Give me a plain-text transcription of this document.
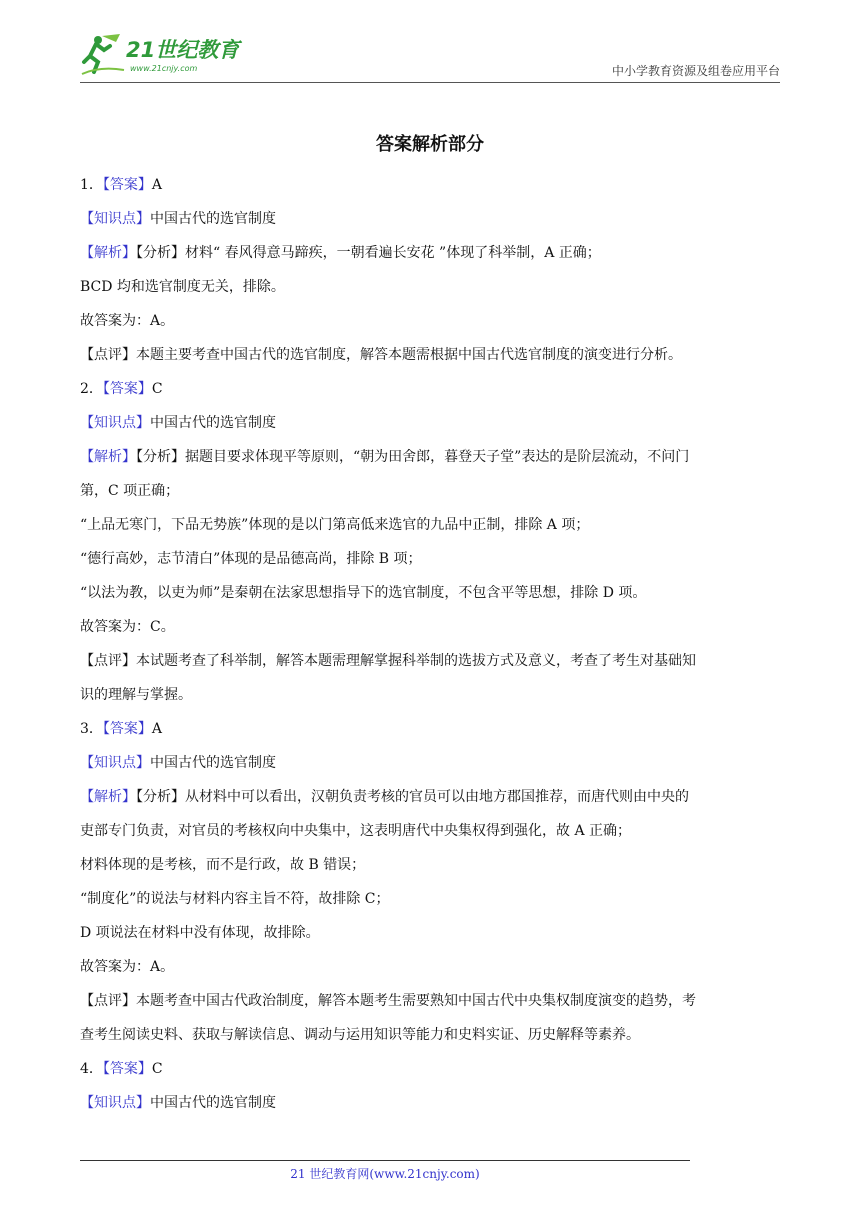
21世纪教育
www.21cnjy.com	中小学教育资源及组卷应用平台
答案解析部分
1．【答案】A
【知识点】中国古代的选官制度
【解析】【分析】材料“ 春风得意马蹄疾，一朝看遍长安花 ”体现了科举制，A 正确；
BCD 均和选官制度无关，排除。
故答案为：A。
【点评】本题主要考查中国古代的选官制度，解答本题需根据中国古代选官制度的演变进行分析。
2．【答案】C
【知识点】中国古代的选官制度
【解析】【分析】据题目要求体现平等原则，“朝为田舍郎，暮登天子堂”表达的是阶层流动，不问门
第，C 项正确；
“上品无寒门，下品无势族”体现的是以门第高低来选官的九品中正制，排除 A 项；
“德行高妙，志节清白”体现的是品德高尚，排除 B 项；
“以法为教，以吏为师”是秦朝在法家思想指导下的选官制度，不包含平等思想，排除 D 项。
故答案为：C。
【点评】本试题考查了科举制，解答本题需理解掌握科举制的选拔方式及意义，考查了考生对基础知
识的理解与掌握。
3．【答案】A
【知识点】中国古代的选官制度
【解析】【分析】从材料中可以看出，汉朝负责考核的官员可以由地方郡国推荐，而唐代则由中央的
吏部专门负责，对官员的考核权向中央集中，这表明唐代中央集权得到强化，故 A 正确；
材料体现的是考核，而不是行政，故 B 错误；
“制度化”的说法与材料内容主旨不符，故排除 C；
D 项说法在材料中没有体现，故排除。
故答案为：A。
【点评】本题考查中国古代政治制度，解答本题考生需要熟知中国古代中央集权制度演变的趋势，考
查考生阅读史料、获取与解读信息、调动与运用知识等能力和史料实证、历史解释等素养。
4．【答案】C
【知识点】中国古代的选官制度
21 世纪教育网(www.21cnjy.com)
